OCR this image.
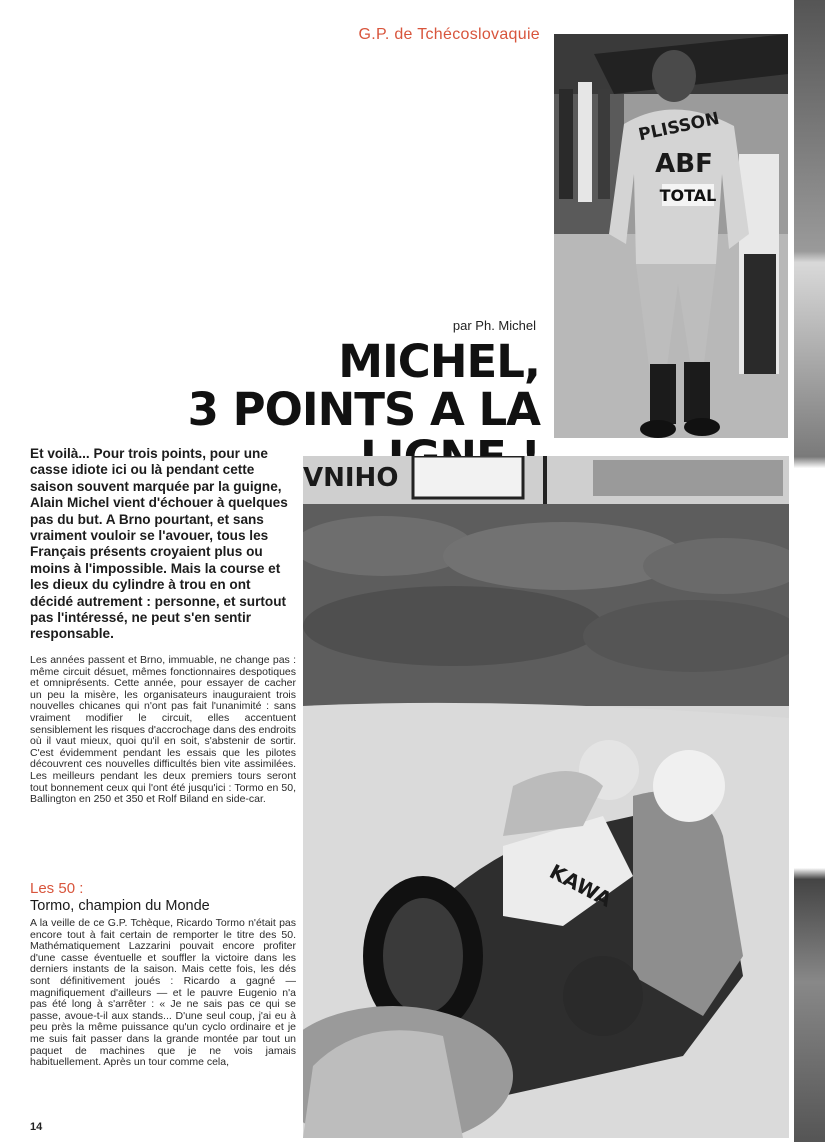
G.P. de Tchécoslovaquie
PLISSON
ABF
TOTAL
par Ph. Michel
MICHEL,
3 POINTS A LA
Et voilà... Pour trois points, pour une casse idiote ici ou là pendant cette saison souvent marquée par la guigne, Alain Michel vient d'échouer à quelques pas du but. A Brno pourtant, et sans vraiment vouloir se l'avouer, tous les Français présents croyaient plus ou moins à l'impossible. Mais la course et les dieux du cylindre à trou en ont décidé autrement : personne, et surtout pas l'intéressé, ne peut s'en sentir responsable.
Les années passent et Brno, immuable, ne change pas : même circuit désuet, mêmes fonctionnaires despotiques et omniprésents. Cette année, pour essayer de cacher un peu la misère, les organisateurs inauguraient trois nouvelles chicanes qui n'ont pas fait l'unanimité : sans vraiment modifier le circuit, elles accentuent sensiblement les risques d'accrochage dans des endroits où il vaut mieux, quoi qu'il en soit, s'abstenir de sortir. C'est évidemment pendant les essais que les pilotes découvrent ces nouvelles difficultés bien vite assimilées. Les meilleurs pendant les deux premiers tours seront tout bonnement ceux qui l'ont été jusqu'ici : Tormo en 50, Ballington en 250 et 350 et Rolf Biland en side-car.
Les 50 :
Tormo, champion du Monde
A la veille de ce G.P. Tchèque, Ricardo Tormo n'était pas encore tout à fait certain de remporter le titre des 50. Mathématiquement Lazzarini pouvait encore profiter d'une casse éventuelle et souffler la victoire dans les derniers instants de la saison. Mais cette fois, les dés sont définitivement joués : Ricardo a gagné — magnifiquement d'ailleurs — et le pauvre Eugenio n'a pas été long à s'arrêter : « Je ne sais pas ce qui se passe, avoue-t-il aux stands... D'une seul coup, j'ai eu à peu près la même puissance qu'un cyclo ordinaire et je me suis fait passer dans la grande montée par tout un paquet de machines que je ne vois jamais habituellement. Après un tour comme cela,
14
VNIHO
KAWA
